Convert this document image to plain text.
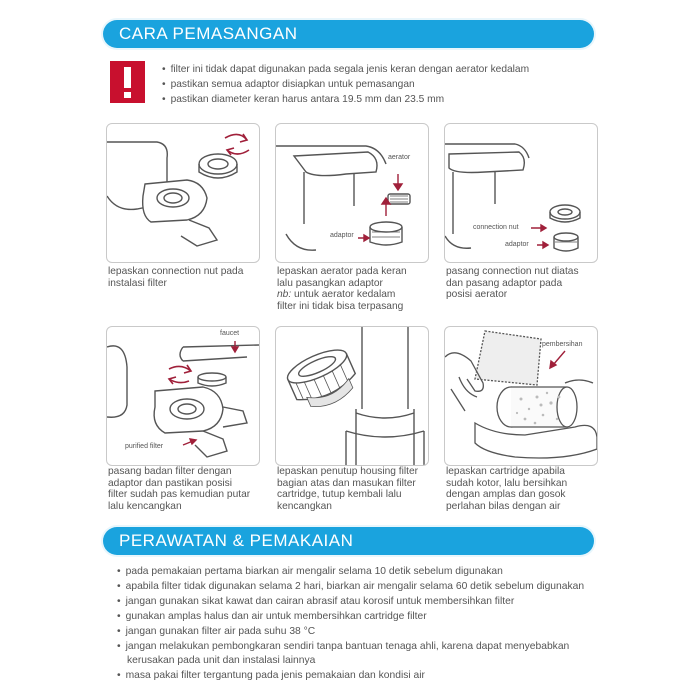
CARA PEMASANGAN
• filter ini tidak dapat digunakan pada segala jenis keran dengan aerator kedalam
• pastikan semua adaptor disiapkan untuk pemasangan
• pastikan diameter keran harus antara 19.5 mm dan 23.5 mm
lepaskan connection nut pada
instalasi filter
aerator
adaptor
lepaskan aerator pada keran
lalu pasangkan adaptor
nb: untuk aerator kedalam
filter ini tidak bisa terpasang
connection nut
adaptor
pasang connection nut diatas
dan pasang adaptor pada
posisi aerator
faucet
purified filter
pasang badan filter dengan
adaptor dan pastikan posisi
filter sudah pas kemudian putar
lalu kencangkan
lepaskan penutup housing filter
bagian atas dan masukan filter
cartridge, tutup kembali lalu
kencangkan
pembersihan
lepaskan cartridge apabila
sudah kotor, lalu bersihkan
dengan amplas dan gosok
perlahan bilas dengan air
PERAWATAN & PEMAKAIAN
• pada pemakaian pertama biarkan air mengalir selama 10 detik sebelum digunakan
• apabila filter tidak digunakan selama 2 hari, biarkan air mengalir selama 60 detik sebelum digunakan
• jangan gunakan sikat kawat dan cairan abrasif atau korosif untuk membersihkan filter
• gunakan amplas halus dan air untuk membersihkan cartridge filter
• jangan gunakan filter air pada suhu 38 °C
• jangan melakukan pembongkaran sendiri tanpa bantuan tenaga ahli, karena dapat menyebabkan
kerusakan pada unit dan instalasi lainnya
• masa pakai filter tergantung pada jenis pemakaian dan kondisi air
